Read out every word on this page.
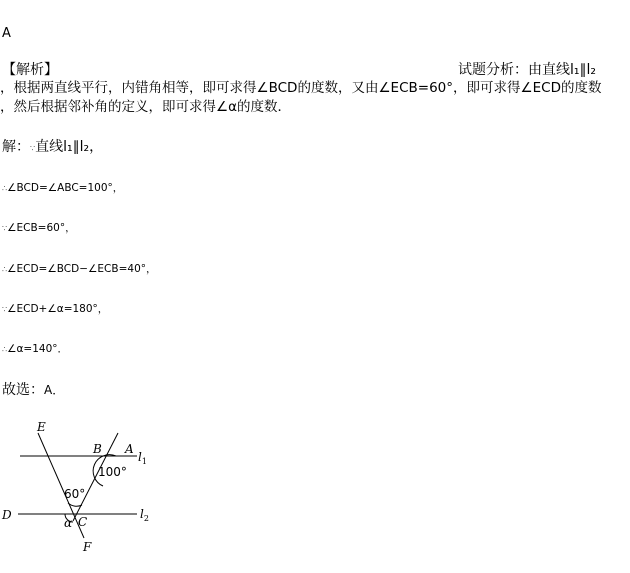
A
【解析】	试题分析：由直线l₁∥l₂
，根据两直线平行，内错角相等，即可求得∠BCD的度数，又由∠ECB=60°，即可求得∠ECD的度数
，然后根据邻补角的定义，即可求得∠α的度数．
解：∵直线l₁∥l₂，
∴∠BCD=∠ABC=100°，
∵∠ECB=60°，
∴∠ECD=∠BCD−∠ECB=40°，
∵∠ECD+∠α=180°，
∴∠α=140°．
故选：A．
E
B A
$l_1$
100°
60°
D	$l_2$
α C
F
